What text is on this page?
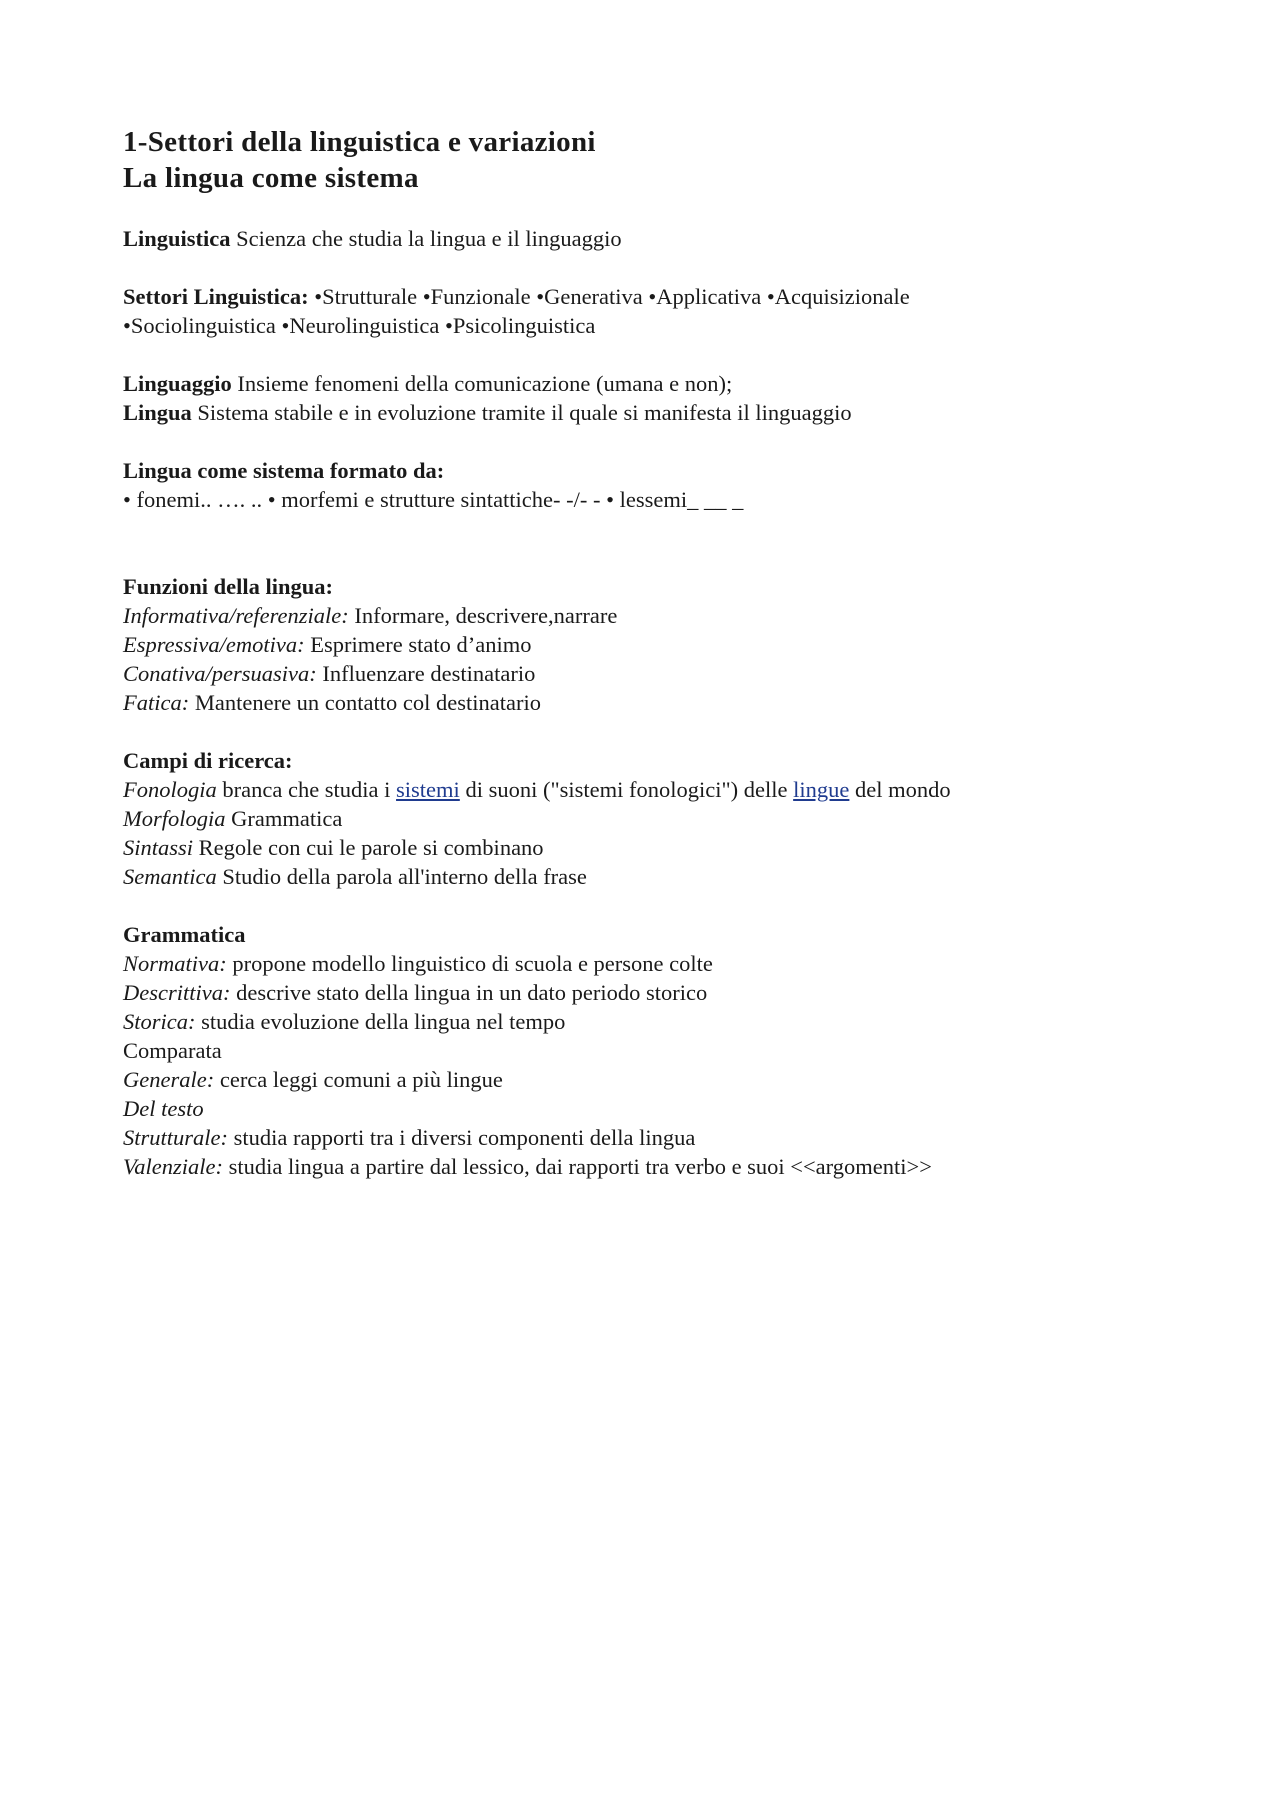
1-Settori della linguistica e variazioni
La lingua come sistema

Linguistica Scienza che studia la lingua e il linguaggio

Settori Linguistica: •Strutturale •Funzionale •Generativa •Applicativa •Acquisizionale
•Sociolinguistica •Neurolinguistica •Psicolinguistica

Linguaggio Insieme fenomeni della comunicazione (umana e non);
Lingua Sistema stabile e in evoluzione tramite il quale si manifesta il linguaggio

Lingua come sistema formato da:
• fonemi.. …. .. • morfemi e strutture sintattiche- -/- - • lessemi_ __ _

Funzioni della lingua:
Informativa/referenziale: Informare, descrivere,narrare
Espressiva/emotiva: Esprimere stato d’animo
Conativa/persuasiva: Influenzare destinatario
Fatica: Mantenere un contatto col destinatario

Campi di ricerca:
Fonologia branca che studia i sistemi di suoni ("sistemi fonologici") delle lingue del mondo
Morfologia Grammatica
Sintassi Regole con cui le parole si combinano
Semantica Studio della parola all'interno della frase

Grammatica
Normativa: propone modello linguistico di scuola e persone colte
Descrittiva: descrive stato della lingua in un dato periodo storico
Storica: studia evoluzione della lingua nel tempo
Comparata
Generale: cerca leggi comuni a più lingue
Del testo
Strutturale: studia rapporti tra i diversi componenti della lingua
Valenziale: studia lingua a partire dal lessico, dai rapporti tra verbo e suoi <<argomenti>>
